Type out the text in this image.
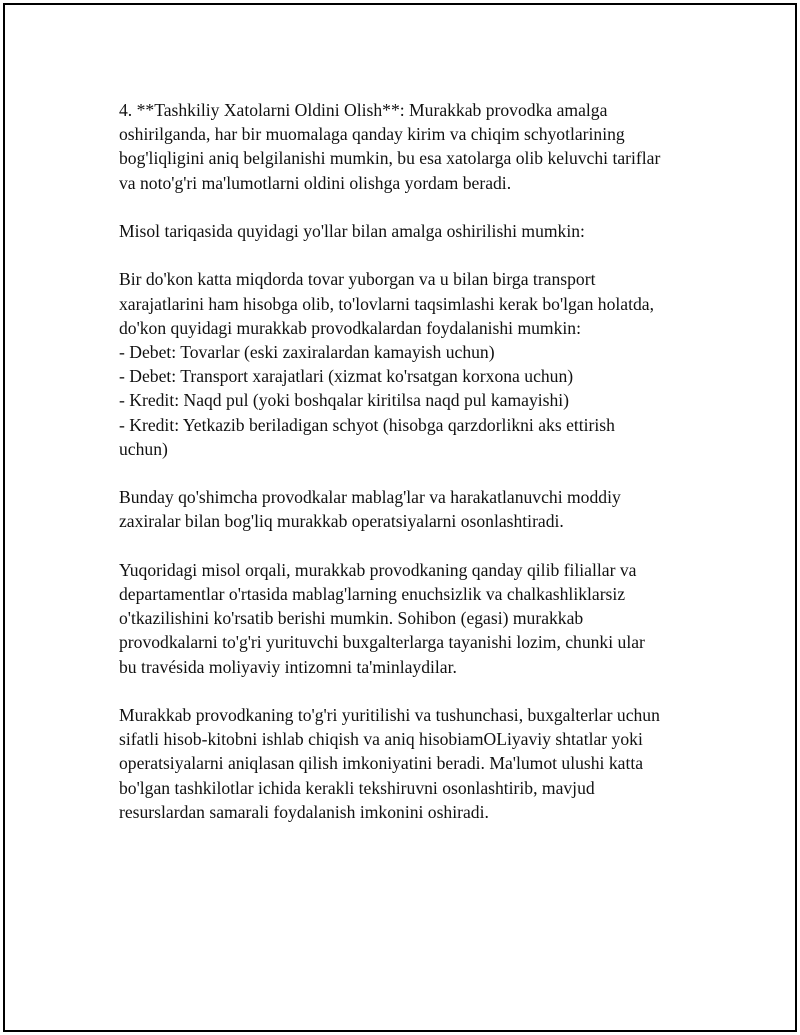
4. **Tashkiliy Xatolarni Oldini Olish**: Murakkab provodka amalga
oshirilganda, har bir muomalaga qanday kirim va chiqim schyotlarining
bog'liqligini aniq belgilanishi mumkin, bu esa xatolarga olib keluvchi tariflar
va noto'g'ri ma'lumotlarni oldini olishga yordam beradi.

Misol tariqasida quyidagi yo'llar bilan amalga oshirilishi mumkin:

Bir do'kon katta miqdorda tovar yuborgan va u bilan birga transport
xarajatlarini ham hisobga olib, to'lovlarni taqsimlashi kerak bo'lgan holatda,
do'kon quyidagi murakkab provodkalardan foydalanishi mumkin:
- Debet: Tovarlar (eski zaxiralardan kamayish uchun)
- Debet: Transport xarajatlari (xizmat ko'rsatgan korxona uchun)
- Kredit: Naqd pul (yoki boshqalar kiritilsa naqd pul kamayishi)
- Kredit: Yetkazib beriladigan schyot (hisobga qarzdorlikni aks ettirish
uchun)

Bunday qo'shimcha provodkalar mablag'lar va harakatlanuvchi moddiy
zaxiralar bilan bog'liq murakkab operatsiyalarni osonlashtiradi.

Yuqoridagi misol orqali, murakkab provodkaning qanday qilib filiallar va
departamentlar o'rtasida mablag'larning enuchsizlik va chalkashliklarsiz
o'tkazilishini ko'rsatib berishi mumkin. Sohibon (egasi) murakkab
provodkalarni to'g'ri yurituvchi buxgalterlarga tayanishi lozim, chunki ular
bu travésida moliyaviy intizomni ta'minlaydilar.

Murakkab provodkaning to'g'ri yuritilishi va tushunchasi, buxgalterlar uchun
sifatli hisob-kitobni ishlab chiqish va aniq hisobiamOLiyaviy shtatlar yoki
operatsiyalarni aniqlasan qilish imkoniyatini beradi. Ma'lumot ulushi katta
bo'lgan tashkilotlar ichida kerakli tekshiruvni osonlashtirib, mavjud
resurslardan samarali foydalanish imkonini oshiradi.
